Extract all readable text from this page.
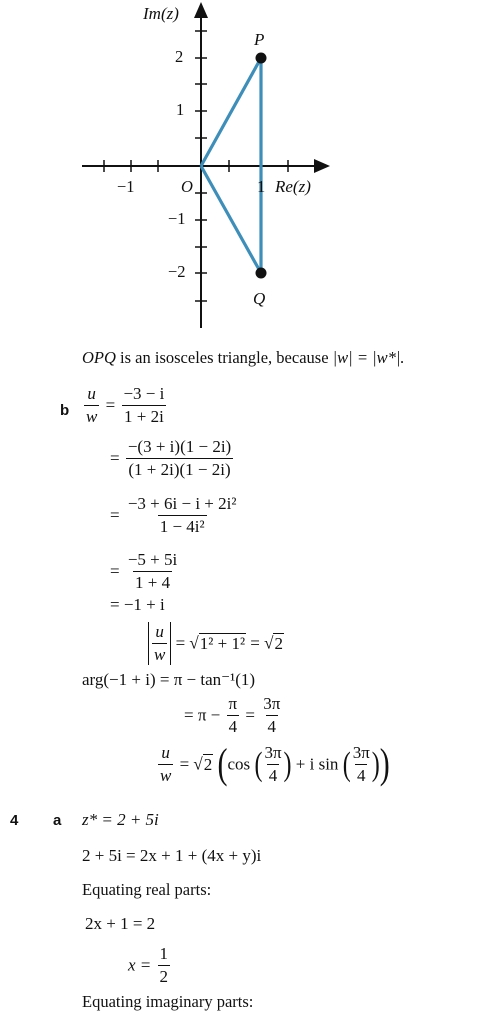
Im(z)
Re(z)
2
1
−1
−2
−1	1
O
P
Q
OPQ is an isosceles triangle, because |w| = |w*|.
b $\frac{u}{w} = \frac{-3 - i}{1 + 2i}$
= $\frac{-(3 + i)(1 - 2i)}{(1 + 2i)(1 - 2i)}$
= $\frac{\text{−3 + 6i − i + 2i²}}{\text{1 − 4i²}}$
= $\frac{-5 + 5i}{1 + 4}$
= −1 + i
$\frac{u}{w} = √1^2 + 1^2 = √2$
arg(−1 + i) = π − tan⁻¹(1)
= $\pi - \frac{\pi}{4} = \frac{3\pi}{4}$
$\frac{u}{w} = √2$ (cos ( $\frac{3\pi}{4}$ ) + i sin ( $\frac{3\pi}{4}$ ))
4 a z* = 2 + 5i
2 + 5i = 2x + 1 + (4x + y)i
Equating real parts:
2x + 1 = 2
$x = \frac{1}{2}$
Equating imaginary parts:
